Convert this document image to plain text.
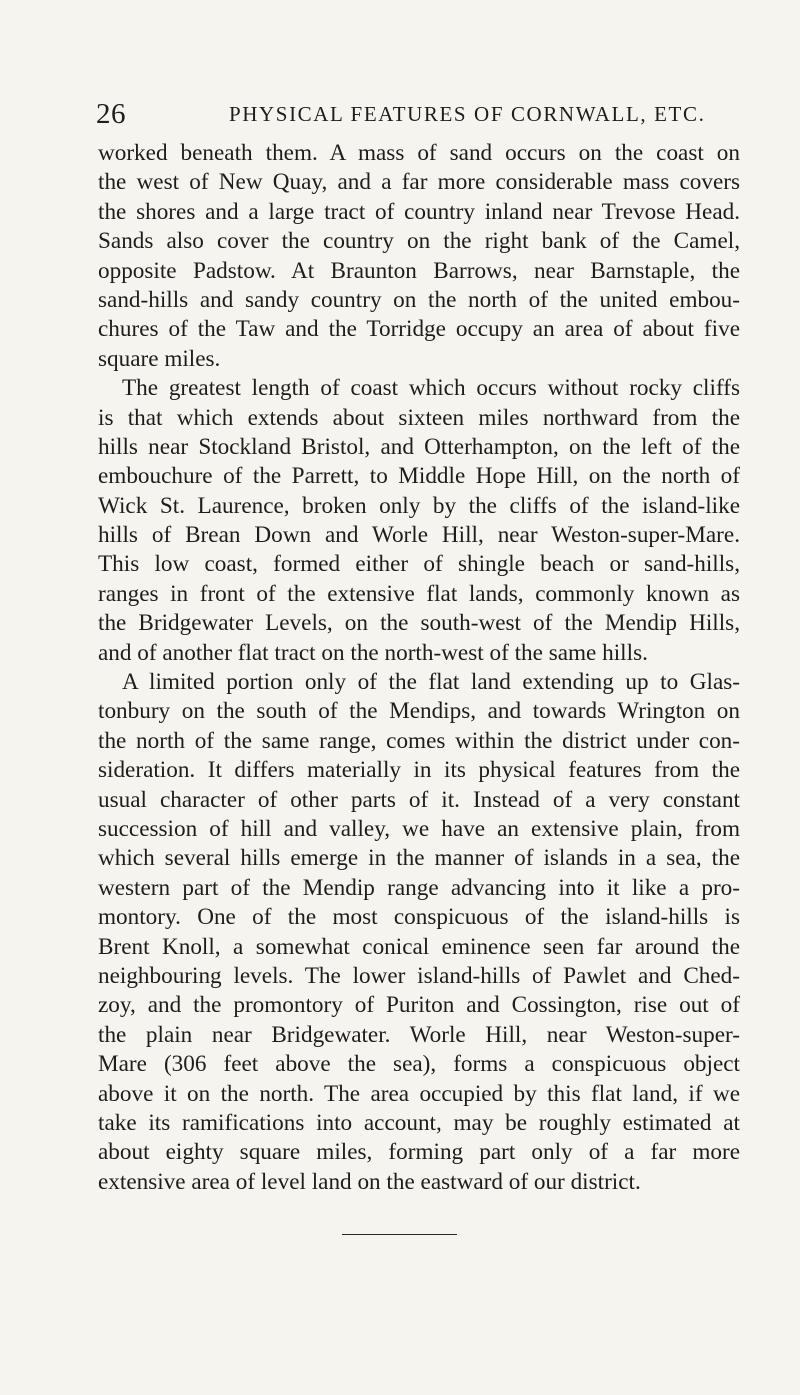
26	PHYSICAL FEATURES OF CORNWALL, ETC.
worked beneath them. A mass of sand occurs on the coast on
the west of New Quay, and a far more considerable mass covers
the shores and a large tract of country inland near Trevose Head.
Sands also cover the country on the right bank of the Camel,
opposite Padstow. At Braunton Barrows, near Barnstaple, the
sand-hills and sandy country on the north of the united embou-
chures of the Taw and the Torridge occupy an area of about five
square miles.
The greatest length of coast which occurs without rocky cliffs
is that which extends about sixteen miles northward from the
hills near Stockland Bristol, and Otterhampton, on the left of the
embouchure of the Parrett, to Middle Hope Hill, on the north of
Wick St. Laurence, broken only by the cliffs of the island-like
hills of Brean Down and Worle Hill, near Weston-super-Mare.
This low coast, formed either of shingle beach or sand-hills,
ranges in front of the extensive flat lands, commonly known as
the Bridgewater Levels, on the south-west of the Mendip Hills,
and of another flat tract on the north-west of the same hills.
A limited portion only of the flat land extending up to Glas-
tonbury on the south of the Mendips, and towards Wrington on
the north of the same range, comes within the district under con-
sideration. It differs materially in its physical features from the
usual character of other parts of it. Instead of a very constant
succession of hill and valley, we have an extensive plain, from
which several hills emerge in the manner of islands in a sea, the
western part of the Mendip range advancing into it like a pro-
montory. One of the most conspicuous of the island-hills is
Brent Knoll, a somewhat conical eminence seen far around the
neighbouring levels. The lower island-hills of Pawlet and Ched-
zoy, and the promontory of Puriton and Cossington, rise out of
the plain near Bridgewater. Worle Hill, near Weston-super-
Mare (306 feet above the sea), forms a conspicuous object
above it on the north. The area occupied by this flat land, if we
take its ramifications into account, may be roughly estimated at
about eighty square miles, forming part only of a far more
extensive area of level land on the eastward of our district.
